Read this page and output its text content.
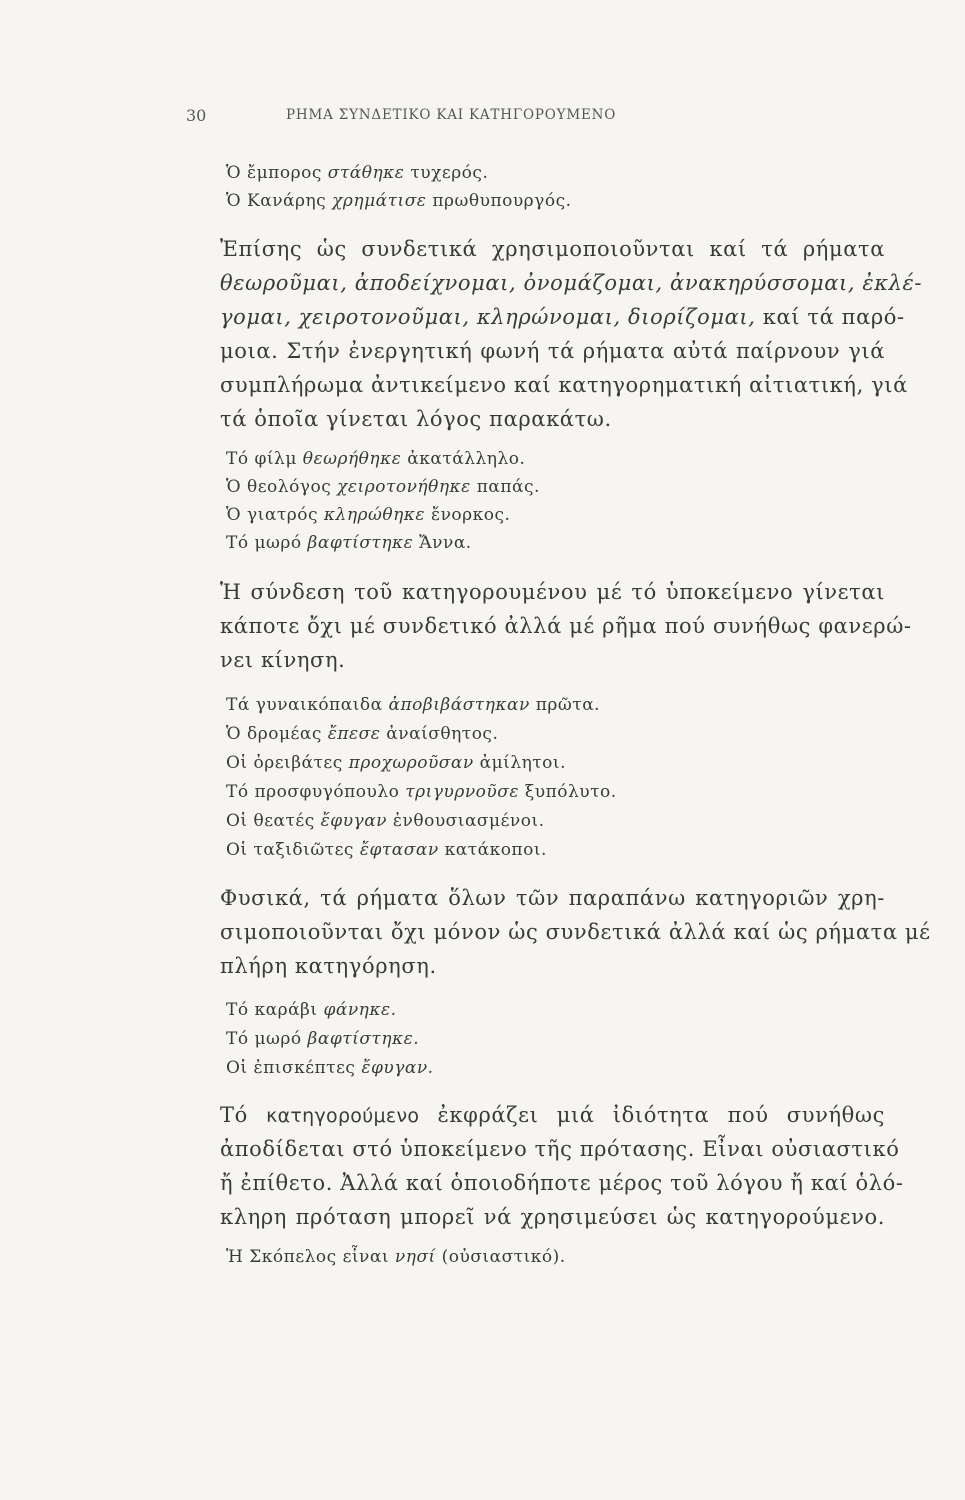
30	ΡΗΜΑ ΣΥΝΔΕΤΙΚΟ ΚΑΙ ΚΑΤΗΓΟΡΟΥΜΕΝΟ
Ὁ ἔμπορος στάθηκε τυχερός.
Ὁ Κανάρης χρημάτισε πρωθυπουργός.
Ἐπίσης ὡς συνδετικά χρησιμοποιοῦνται καί τά ρήματα
θεωροῦμαι, ἀποδείχνομαι, ὀνομάζομαι, ἀνακηρύσσομαι, ἐκλέ-
γομαι, χειροτονοῦμαι, κληρώνομαι, διορίζομαι, καί τά παρό-
μοια. Στήν ἐνεργητική φωνή τά ρήματα αὐτά παίρνουν γιά
συμπλήρωμα ἀντικείμενο καί κατηγορηματική αἰτιατική, γιά
τά ὁποῖα γίνεται λόγος παρακάτω.
Τό φίλμ θεωρήθηκε ἀκατάλληλο.
Ὁ θεολόγος χειροτονήθηκε παπάς.
Ὁ γιατρός κληρώθηκε ἔνορκος.
Τό μωρό βαφτίστηκε Ἄννα.
Ἡ σύνδεση τοῦ κατηγορουμένου μέ τό ὑποκείμενο γίνεται
κάποτε ὄχι μέ συνδετικό ἀλλά μέ ρῆμα πού συνήθως φανερώ-
νει κίνηση.
Τά γυναικόπαιδα ἀποβιβάστηκαν πρῶτα.
Ὁ δρομέας ἔπεσε ἀναίσθητος.
Οἱ ὀρειβάτες προχωροῦσαν ἀμίλητοι.
Τό προσφυγόπουλο τριγυρνοῦσε ξυπόλυτο.
Οἱ θεατές ἔφυγαν ἐνθουσιασμένοι.
Οἱ ταξιδιῶτες ἔφτασαν κατάκοποι.
Φυσικά, τά ρήματα ὅλων τῶν παραπάνω κατηγοριῶν χρη-
σιμοποιοῦνται ὄχι μόνον ὡς συνδετικά ἀλλά καί ὡς ρήματα μέ
πλήρη κατηγόρηση.
Τό καράβι φάνηκε.
Τό μωρό βαφτίστηκε.
Οἱ ἐπισκέπτες ἔφυγαν.
Τό κατηγορούμενο ἐκφράζει μιά ἰδιότητα πού συνήθως
ἀποδίδεται στό ὑποκείμενο τῆς πρότασης. Εἶναι οὐσιαστικό
ἤ ἐπίθετο. Ἀλλά καί ὁποιοδήποτε μέρος τοῦ λόγου ἤ καί ὁλό-
κληρη πρόταση μπορεῖ νά χρησιμεύσει ὡς κατηγορούμενο.
Ἡ Σκόπελος εἶναι νησί (οὐσιαστικό).
